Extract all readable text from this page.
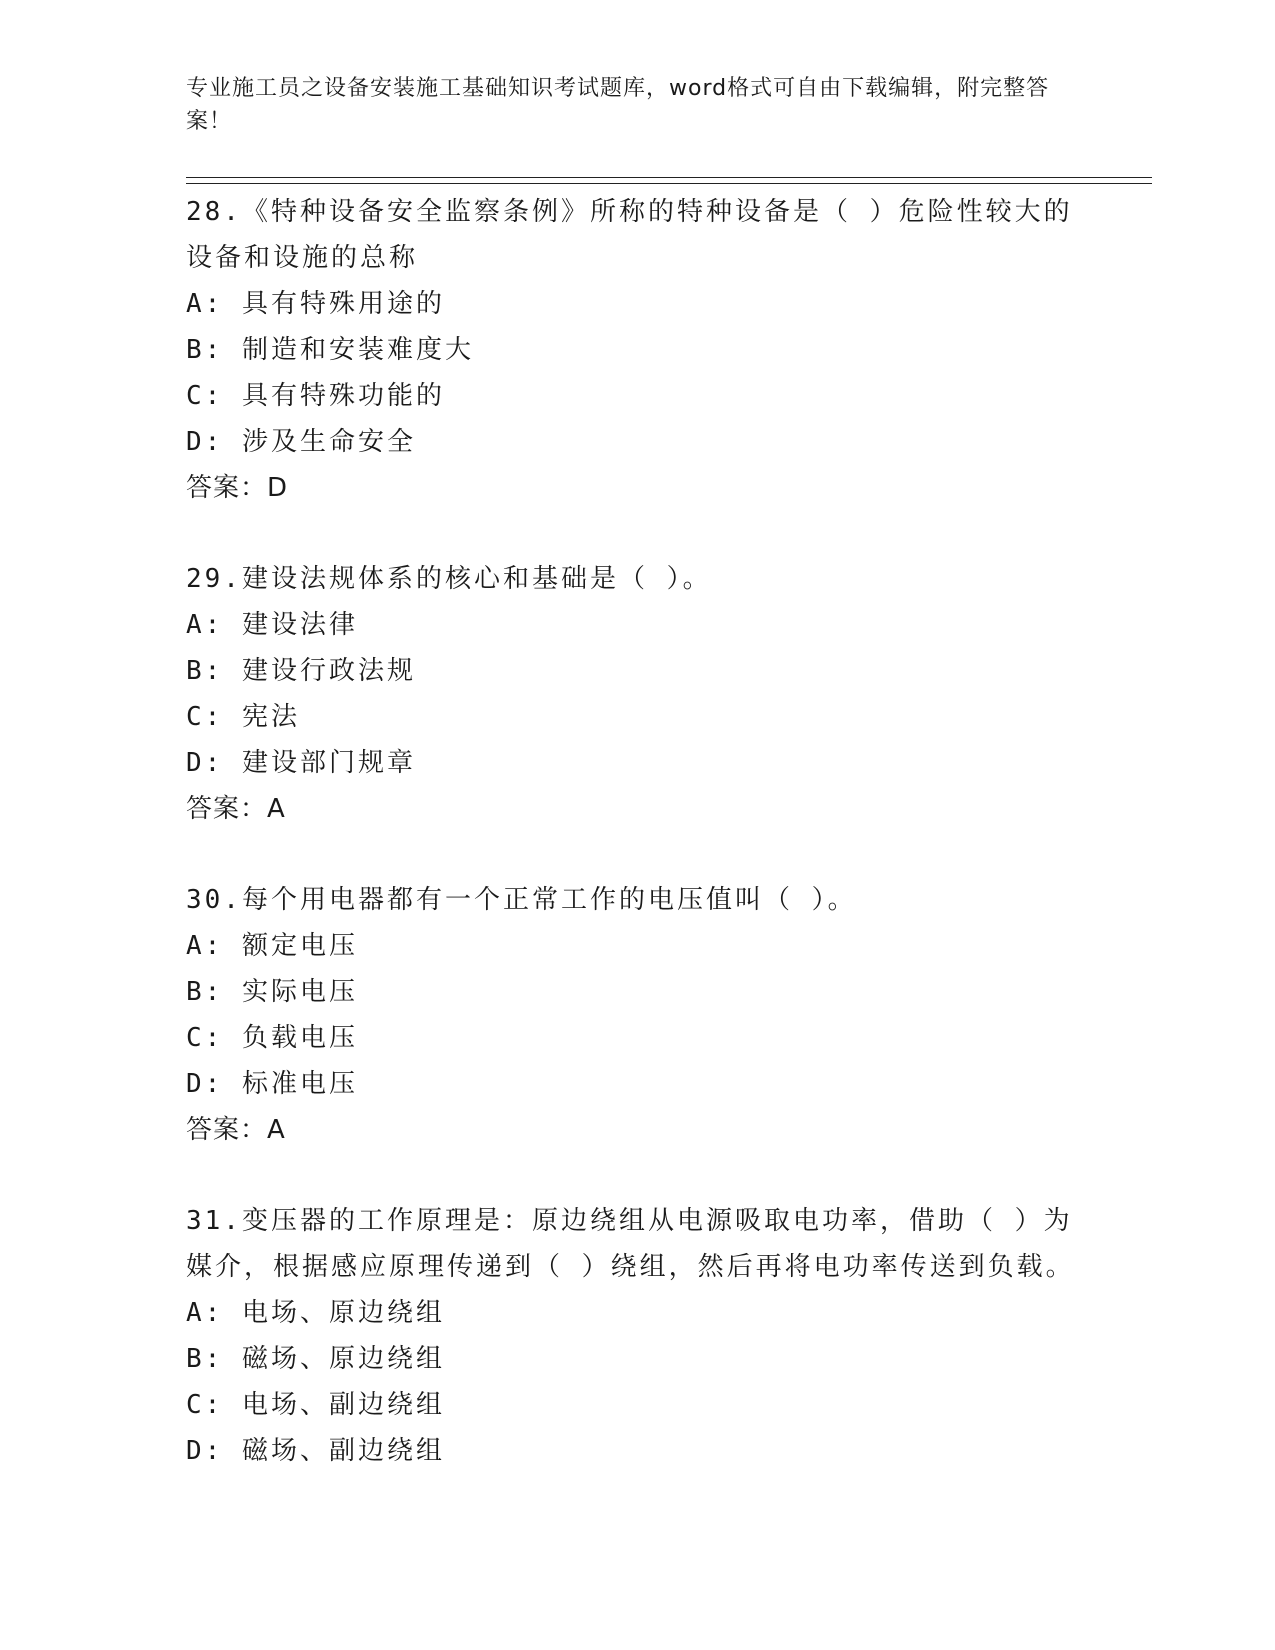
专业施工员之设备安装施工基础知识考试题库，word格式可自由下载编辑，附完整答案！
28.《特种设备安全监察条例》所称的特种设备是（ ）危险性较大的设备和设施的总称
A: 具有特殊用途的
B: 制造和安装难度大
C: 具有特殊功能的
D: 涉及生命安全
答案：D
29.建设法规体系的核心和基础是（ ）。
A: 建设法律
B: 建设行政法规
C: 宪法
D: 建设部门规章
答案：A
30.每个用电器都有一个正常工作的电压值叫（ ）。
A: 额定电压
B: 实际电压
C: 负载电压
D: 标准电压
答案：A
31.变压器的工作原理是：原边绕组从电源吸取电功率，借助（ ）为媒介，根据感应原理传递到（ ）绕组，然后再将电功率传送到负载。
A: 电场、原边绕组
B: 磁场、原边绕组
C: 电场、副边绕组
D: 磁场、副边绕组
